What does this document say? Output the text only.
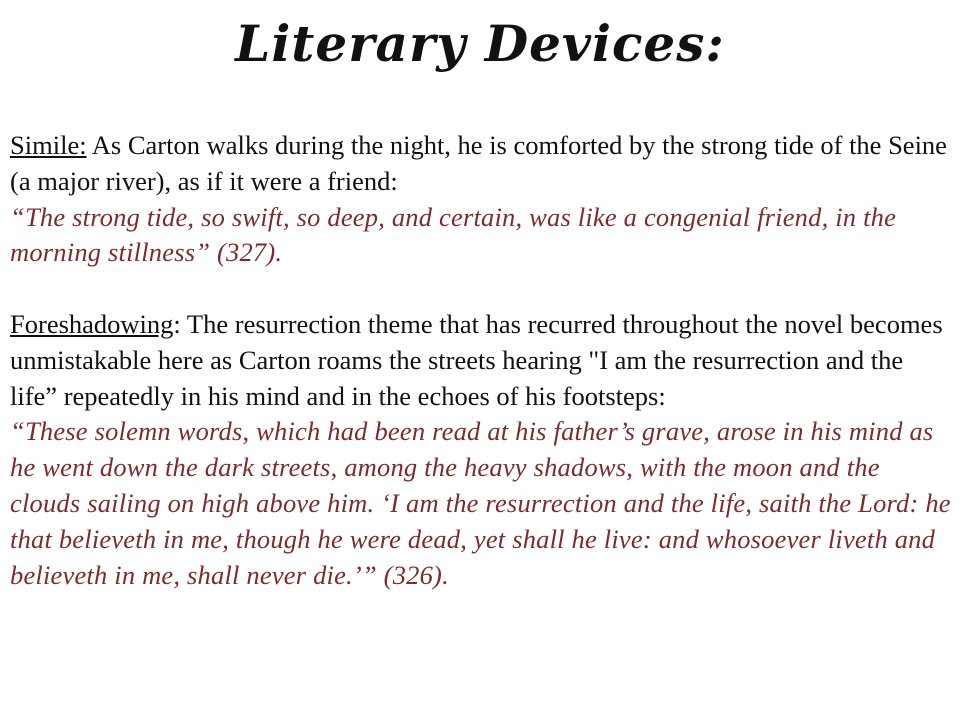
Literary Devices:

Simile: As Carton walks during the night, he is comforted by the strong tide of the Seine (a major river), as if it were a friend:

“The strong tide, so swift, so deep, and certain, was like a congenial friend, in the morning stillness” (327).

Foreshadowing: The resurrection theme that has recurred throughout the novel becomes unmistakable here as Carton roams the streets hearing "I am the resurrection and the life” repeatedly in his mind and in the echoes of his footsteps:

“These solemn words, which had been read at his father’s grave, arose in his mind as he went down the dark streets, among the heavy shadows, with the moon and the clouds sailing on high above him. ‘I am the resurrection and the life, saith the Lord: he that believeth in me, though he were dead, yet shall he live: and whosoever liveth and believeth in me, shall never die.’” (326).
